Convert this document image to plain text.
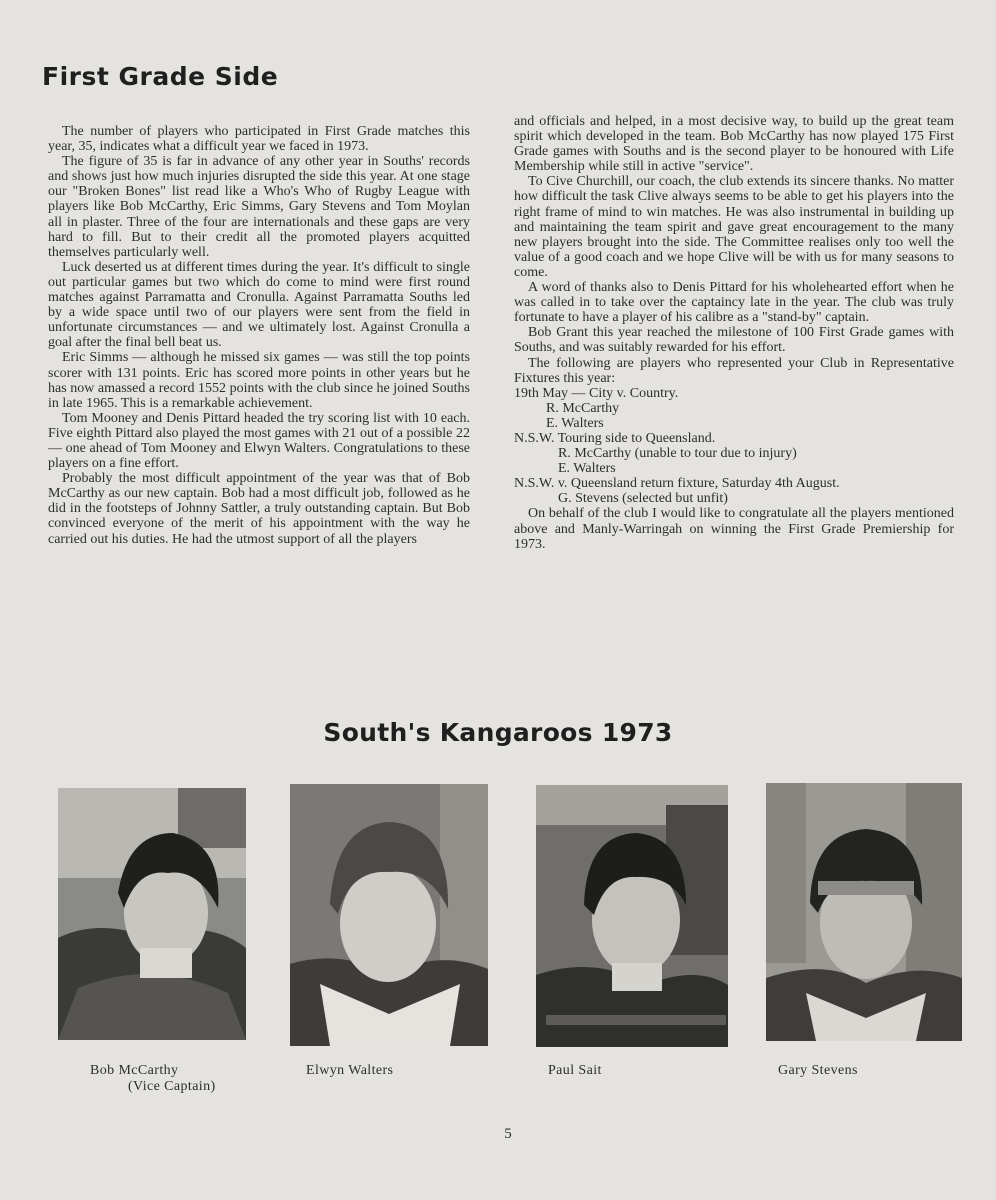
First Grade Side

The number of players who participated in First Grade matches this year, 35, indicates what a difficult year we faced in 1973.

The figure of 35 is far in advance of any other year in Souths' records and shows just how much injuries disrupted the side this year. At one stage our "Broken Bones" list read like a Who's Who of Rugby League with players like Bob McCarthy, Eric Simms, Gary Stevens and Tom Moylan all in plaster. Three of the four are internationals and these gaps are very hard to fill. But to their credit all the promoted players acquitted themselves particularly well.

Luck deserted us at different times during the year. It's difficult to single out particular games but two which do come to mind were first round matches against Parramatta and Cronulla. Against Parramatta Souths led by a wide space until two of our players were sent from the field in unfortunate circumstances — and we ultimately lost. Against Cronulla a goal after the final bell beat us.

Eric Simms — although he missed six games — was still the top points scorer with 131 points. Eric has scored more points in other years but he has now amassed a record 1552 points with the club since he joined Souths in late 1965. This is a remarkable achievement.

Tom Mooney and Denis Pittard headed the try scoring list with 10 each. Five eighth Pittard also played the most games with 21 out of a possible 22 — one ahead of Tom Mooney and Elwyn Walters. Congratulations to these players on a fine effort.

Probably the most difficult appointment of the year was that of Bob McCarthy as our new captain. Bob had a most difficult job, followed as he did in the footsteps of Johnny Sattler, a truly outstanding captain. But Bob convinced everyone of the merit of his appointment with the way he carried out his duties. He had the utmost support of all the players

and officials and helped, in a most decisive way, to build up the great team spirit which developed in the team. Bob McCarthy has now played 175 First Grade games with Souths and is the second player to be honoured with Life Membership while still in active "service".

To Cive Churchill, our coach, the club extends its sincere thanks. No matter how difficult the task Clive always seems to be able to get his players into the right frame of mind to win matches. He was also instrumental in building up and maintaining the team spirit and gave great encouragement to the many new players brought into the side. The Committee realises only too well the value of a good coach and we hope Clive will be with us for many seasons to come.

A word of thanks also to Denis Pittard for his wholehearted effort when he was called in to take over the captaincy late in the year. The club was truly fortunate to have a player of his calibre as a "stand-by" captain.

Bob Grant this year reached the milestone of 100 First Grade games with Souths, and was suitably rewarded for his effort.

The following are players who represented your Club in Representative Fixtures this year:

19th May — City v. Country.
R. McCarthy
E. Walters
N.S.W. Touring side to Queensland.
R. McCarthy (unable to tour due to injury)
E. Walters
N.S.W. v. Queensland return fixture, Saturday 4th August.
G. Stevens (selected but unfit)

On behalf of the club I would like to congratulate all the players mentioned above and Manly-Warringah on winning the First Grade Premiership for 1973.

South's Kangaroos 1973
Bob McCarthy
(Vice Captain)
Elwyn Walters	Paul Sait	Gary Stevens
5
